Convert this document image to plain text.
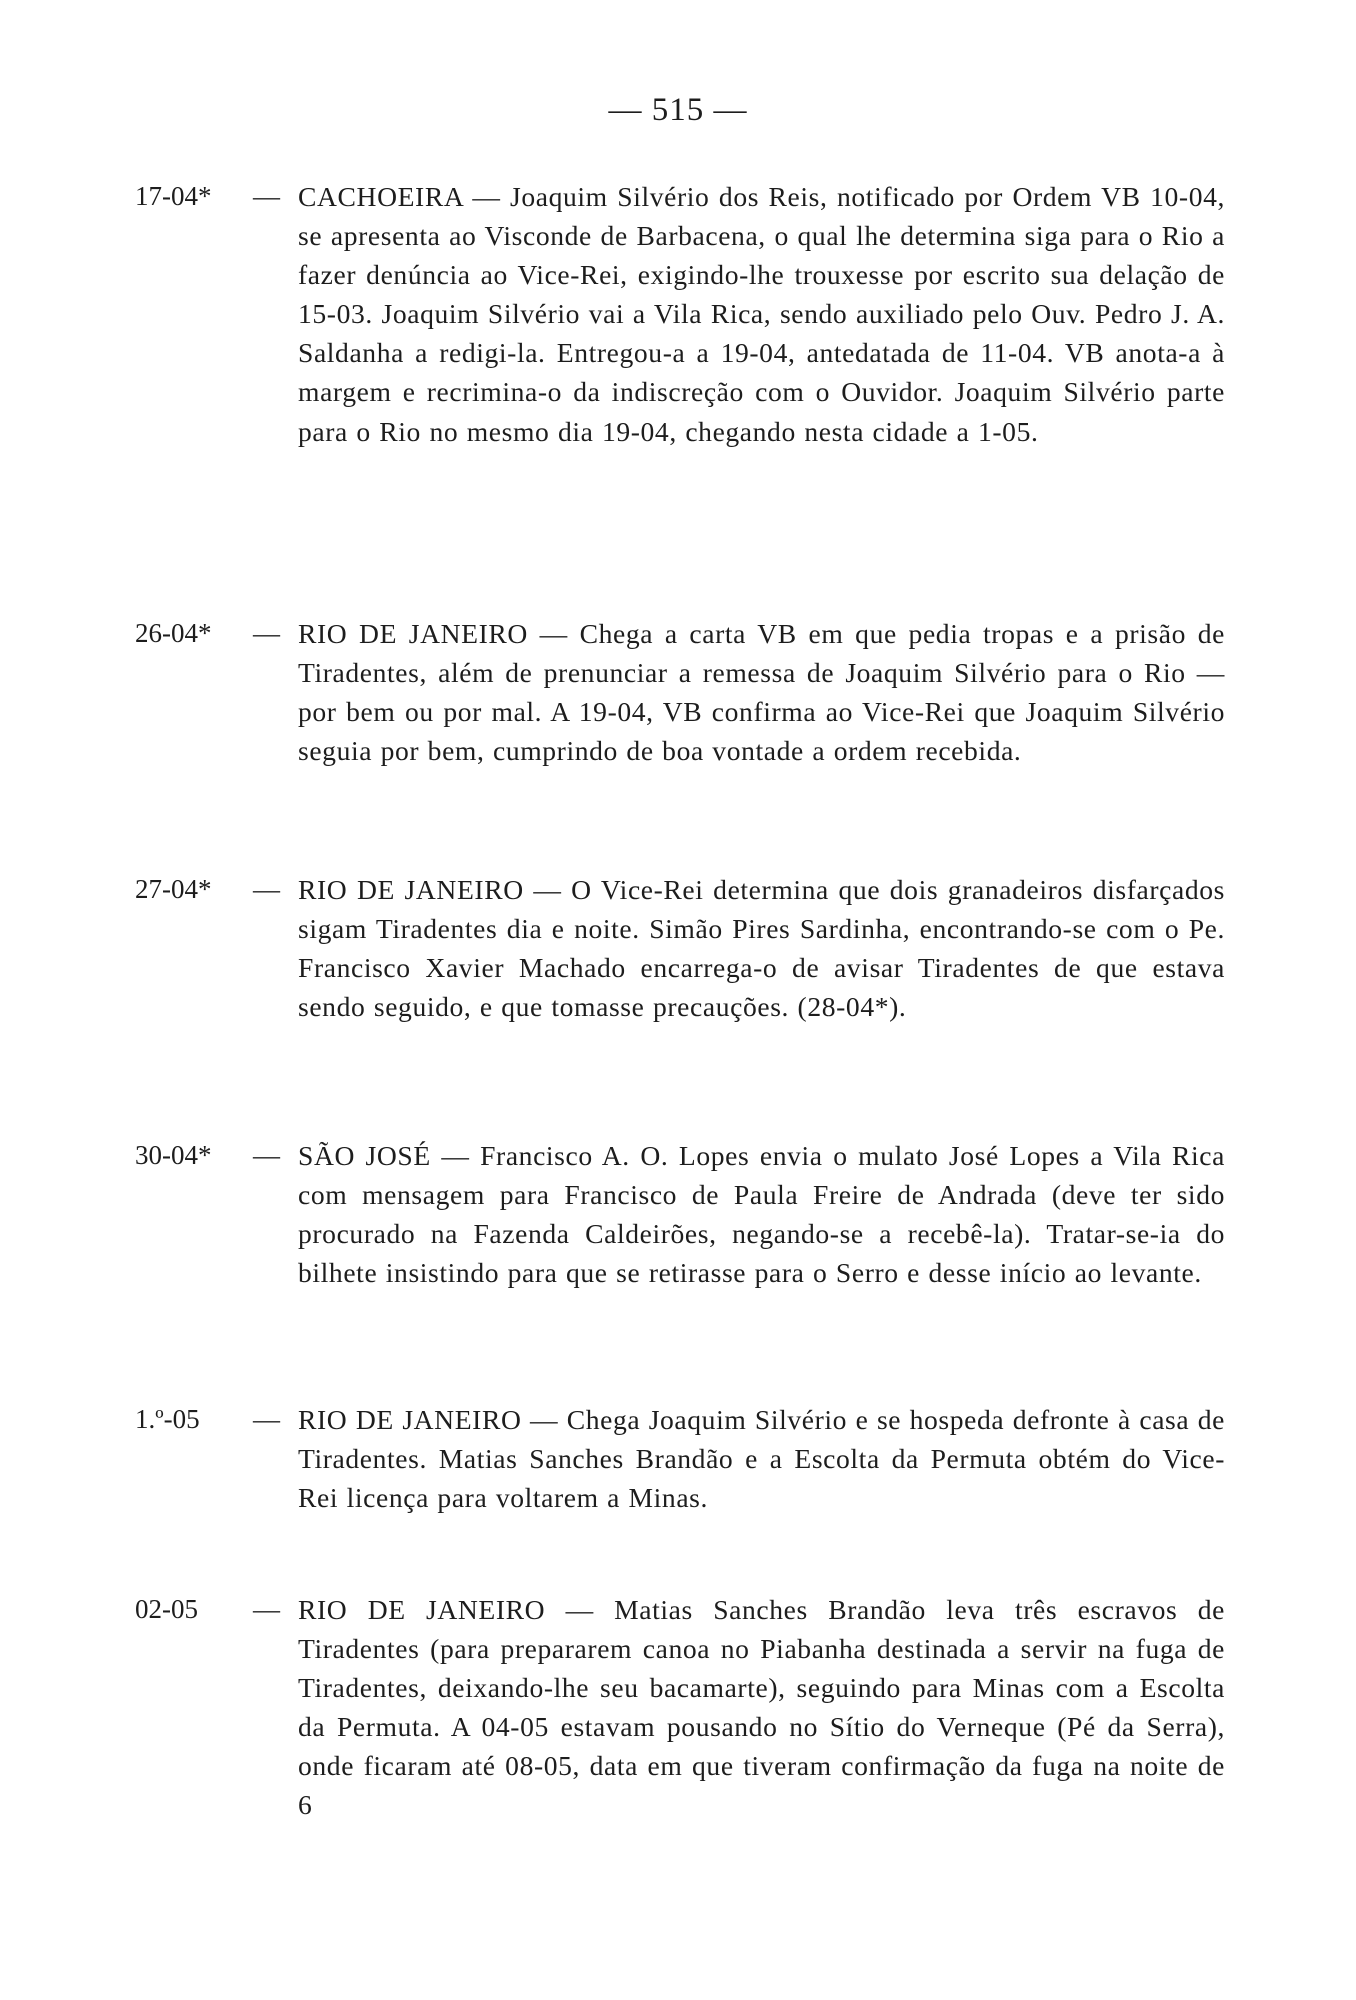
— 515 —
17-04*	— CACHOEIRA — Joaquim Silvério dos Reis, notificado por Ordem VB 10-04, se apresenta ao Visconde de Barbacena, o qual lhe determina siga para o Rio a fazer denúncia ao Vice-Rei, exigindo-lhe trouxesse por escrito sua delação de 15-03. Joaquim Silvério vai a Vila Rica, sendo auxiliado pelo Ouv. Pedro J. A. Saldanha a redigi-la. Entregou-a a 19-04, antedatada de 11-04. VB anota-a à margem e recrimina-o da indiscreção com o Ouvidor. Joaquim Silvério parte para o Rio no mesmo dia 19-04, chegando nesta cidade a 1-05.
26-04*	— RIO DE JANEIRO — Chega a carta VB em que pedia tropas e a prisão de Tiradentes, além de prenunciar a remessa de Joaquim Silvério para o Rio — por bem ou por mal. A 19-04, VB confirma ao Vice-Rei que Joaquim Silvério seguia por bem, cumprindo de boa vontade a ordem recebida.
27-04*	— RIO DE JANEIRO — O Vice-Rei determina que dois granadeiros disfarçados sigam Tiradentes dia e noite. Simão Pires Sardinha, encontrando-se com o Pe. Francisco Xavier Machado encarrega-o de avisar Tiradentes de que estava sendo seguido, e que tomasse precauções. (28-04*).
30-04*	— SÃO JOSÉ — Francisco A. O. Lopes envia o mulato José Lopes a Vila Rica com mensagem para Francisco de Paula Freire de Andrada (deve ter sido procurado na Fazenda Caldeirões, negando-se a recebê-la). Tratar-se-ia do bilhete insistindo para que se retirasse para o Serro e desse início ao levante.
1.º-05	— RIO DE JANEIRO — Chega Joaquim Silvério e se hospeda defronte à casa de Tiradentes. Matias Sanches Brandão e a Escolta da Permuta obtém do Vice-Rei licença para voltarem a Minas.
02-05	— RIO DE JANEIRO — Matias Sanches Brandão leva três escravos de Tiradentes (para prepararem canoa no Piabanha destinada a servir na fuga de Tiradentes, deixando-lhe seu bacamarte), seguindo para Minas com a Escolta da Permuta. A 04-05 estavam pousando no Sítio do Verneque (Pé da Serra), onde ficaram até 08-05, data em que tiveram confirmação da fuga na noite de 6
